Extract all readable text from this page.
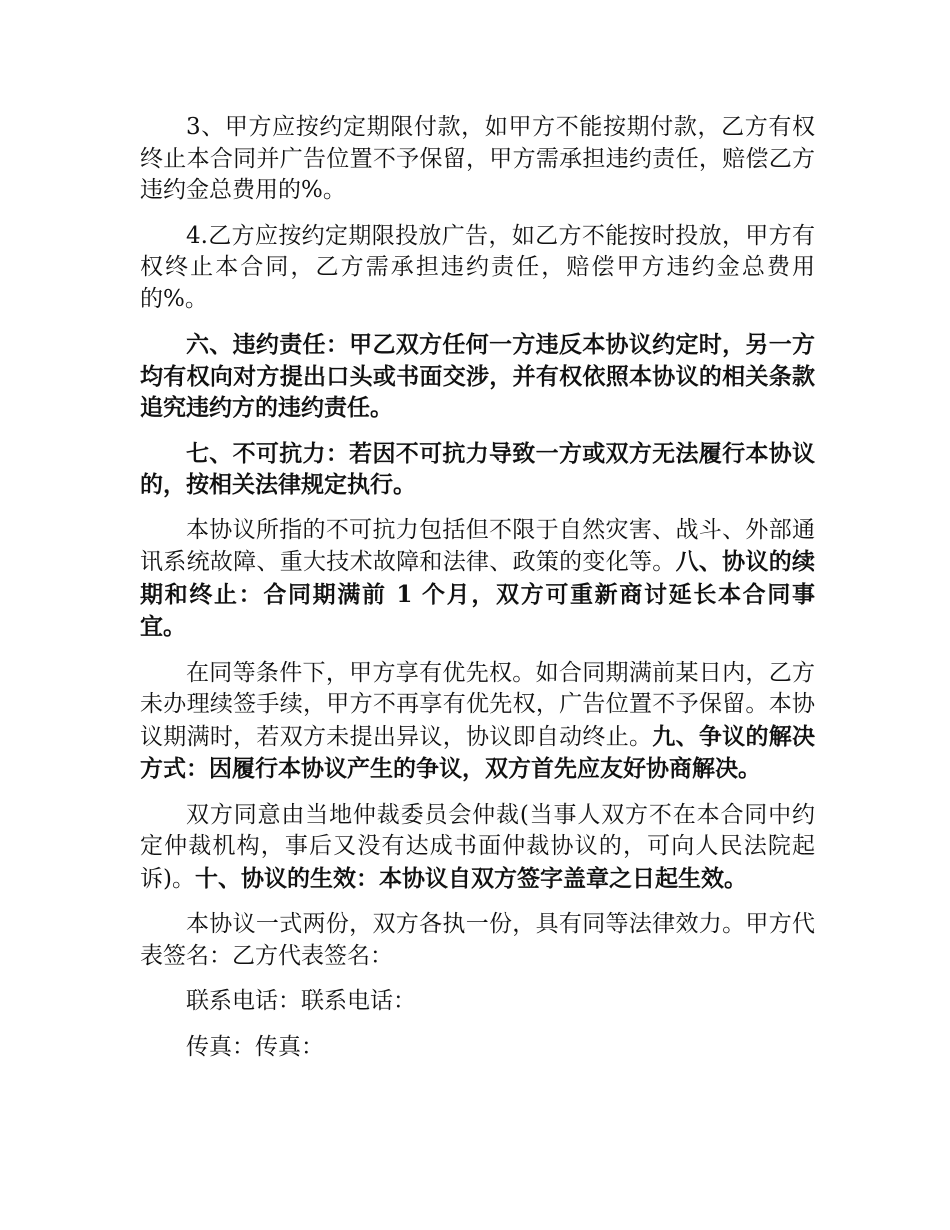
3、甲方应按约定期限付款，如甲方不能按期付款，乙方有权终止本合同并广告位置不予保留，甲方需承担违约责任，赔偿乙方违约金总费用的%。

4.乙方应按约定期限投放广告，如乙方不能按时投放，甲方有权终止本合同，乙方需承担违约责任，赔偿甲方违约金总费用的%。

六、违约责任：甲乙双方任何一方违反本协议约定时，另一方均有权向对方提出口头或书面交涉，并有权依照本协议的相关条款追究违约方的违约责任。

七、不可抗力：若因不可抗力导致一方或双方无法履行本协议的，按相关法律规定执行。

本协议所指的不可抗力包括但不限于自然灾害、战斗、外部通讯系统故障、重大技术故障和法律、政策的变化等。八、协议的续期和终止：合同期满前 1 个月，双方可重新商讨延长本合同事宜。

在同等条件下，甲方享有优先权。如合同期满前某日内，乙方未办理续签手续，甲方不再享有优先权，广告位置不予保留。本协议期满时，若双方未提出异议，协议即自动终止。九、争议的解决方式：因履行本协议产生的争议，双方首先应友好协商解决。

双方同意由当地仲裁委员会仲裁(当事人双方不在本合同中约定仲裁机构，事后又没有达成书面仲裁协议的，可向人民法院起诉)。十、协议的生效：本协议自双方签字盖章之日起生效。

本协议一式两份，双方各执一份，具有同等法律效力。甲方代表签名：乙方代表签名：

联系电话：联系电话：

传真：传真：
